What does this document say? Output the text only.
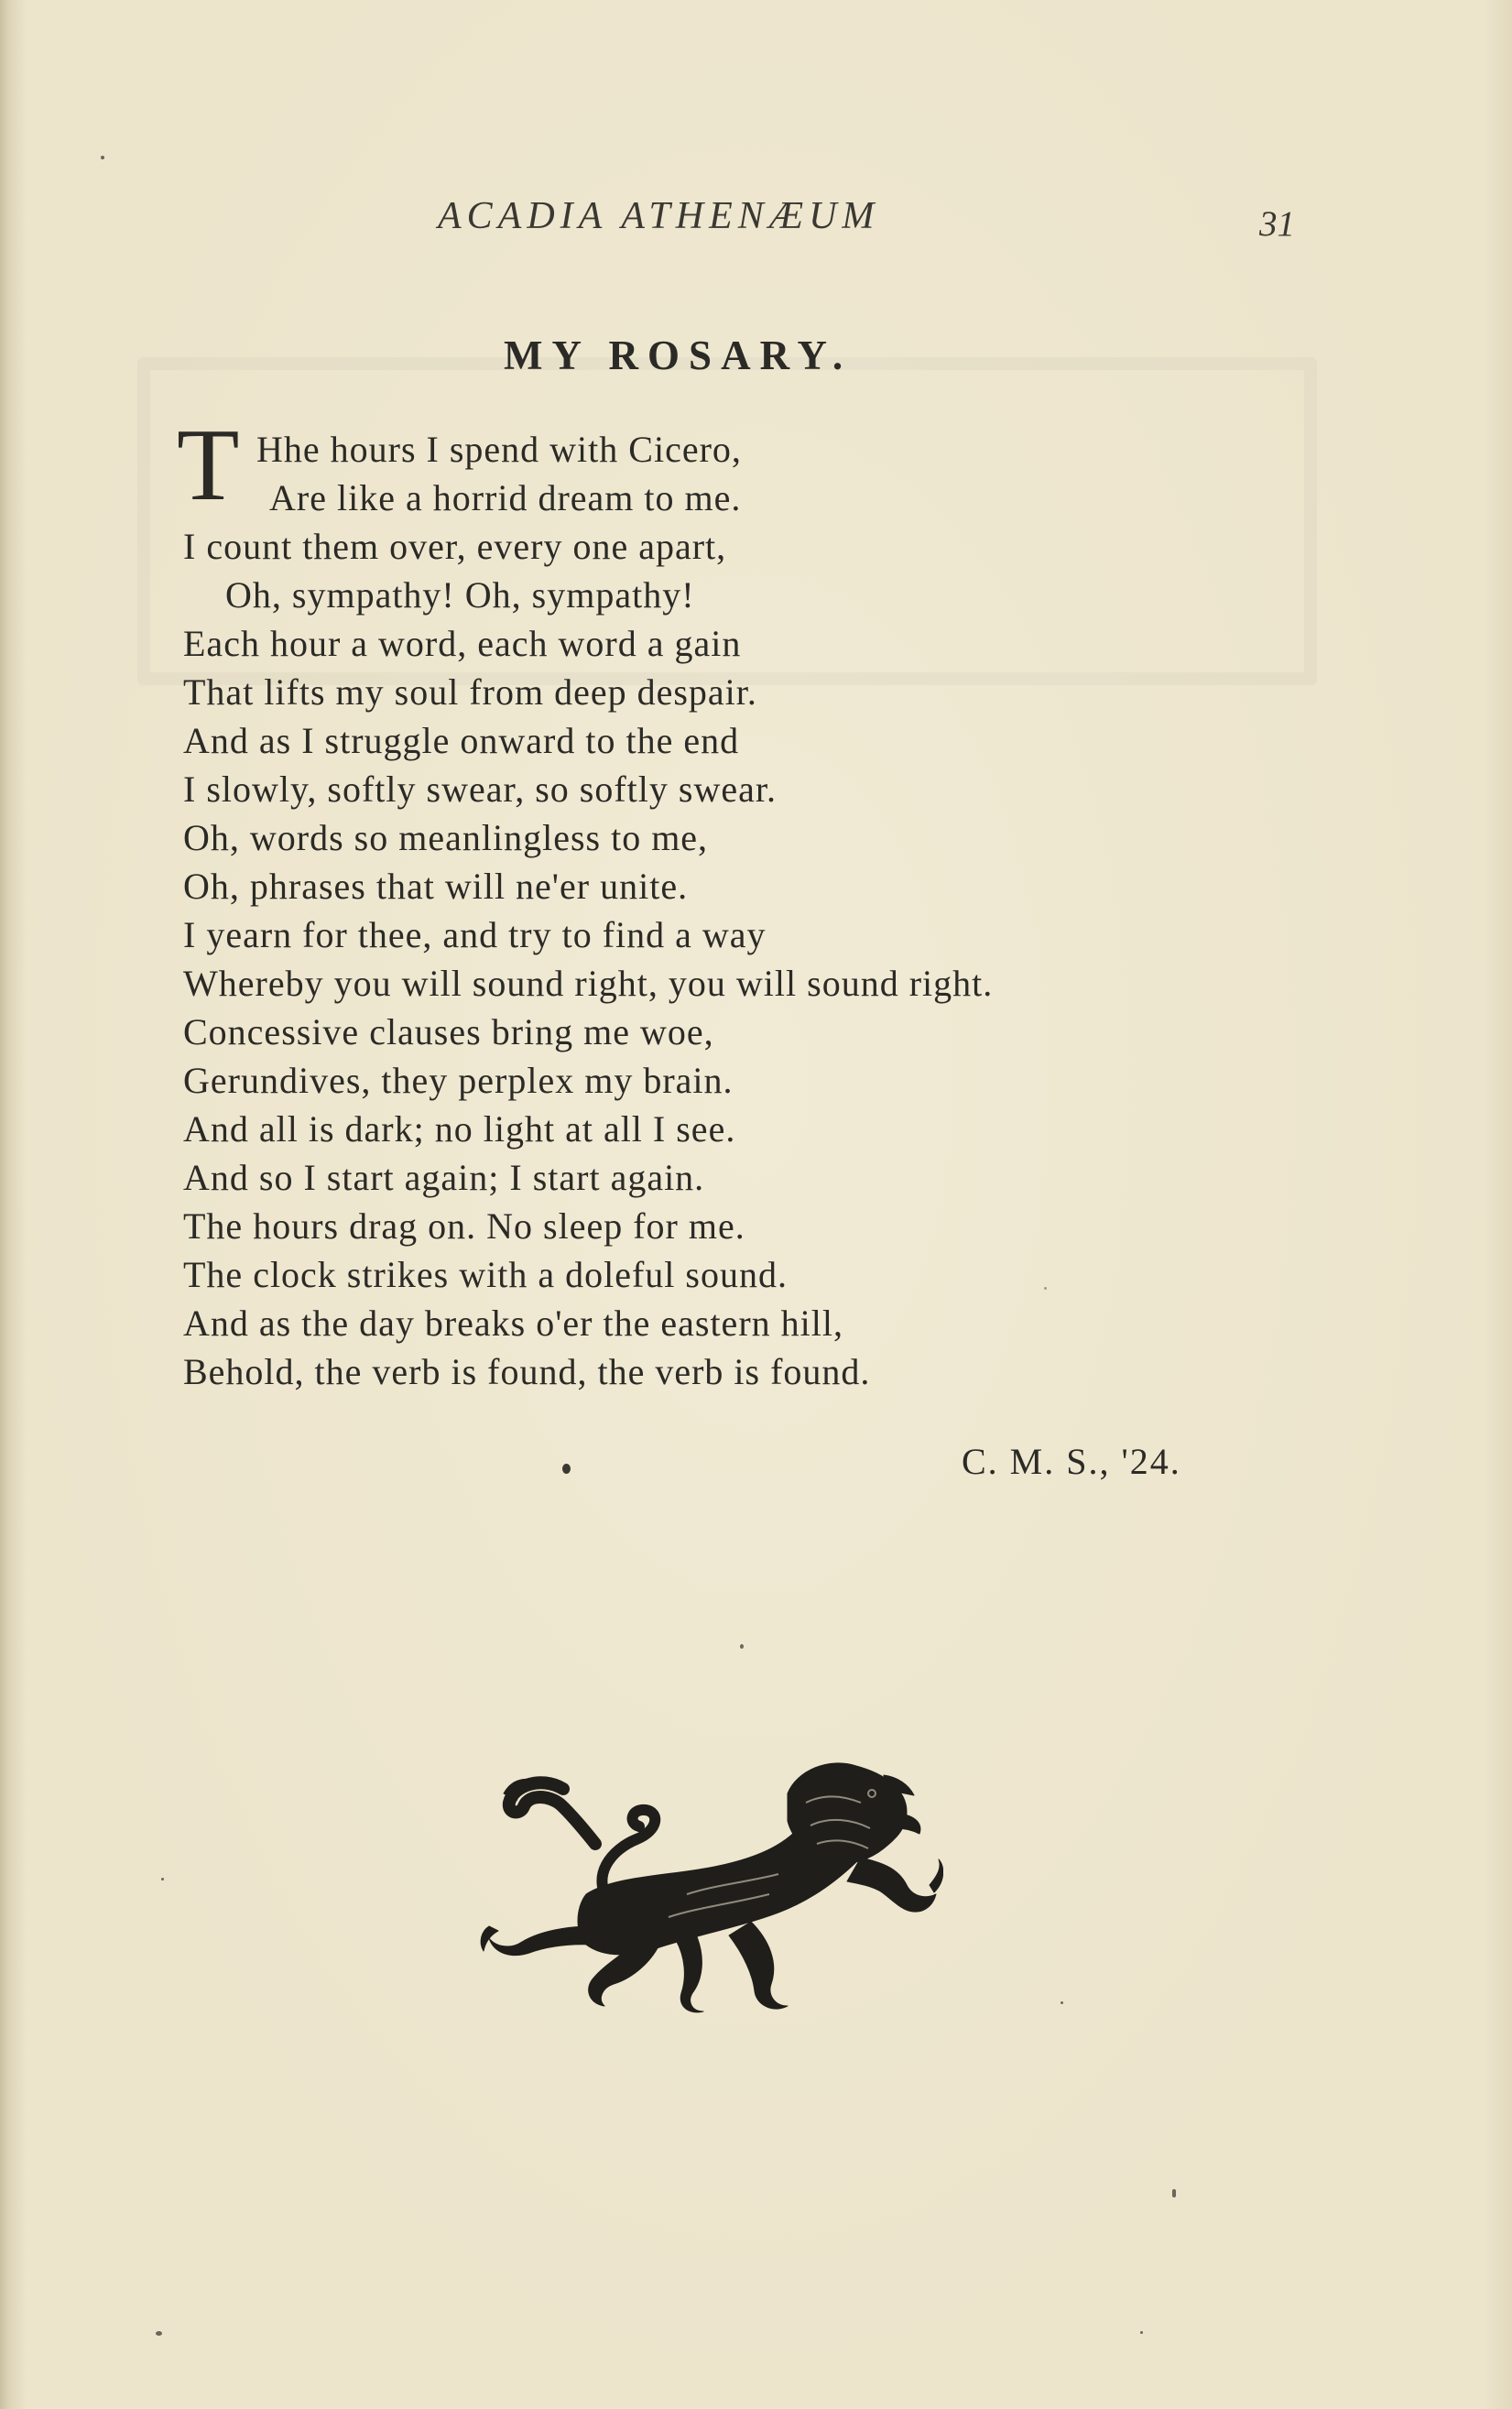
ACADIA ATHENÆUM	31
MY ROSARY.
T Hhe hours I spend with Cicero,
Are like a horrid dream to me.
I count them over, every one apart,
Oh, sympathy! Oh, sympathy!
Each hour a word, each word a gain
That lifts my soul from deep despair.
And as I struggle onward to the end
I slowly, softly swear, so softly swear.
Oh, words so meanlingless to me,
Oh, phrases that will ne'er unite.
I yearn for thee, and try to find a way
Whereby you will sound right, you will sound right.
Concessive clauses bring me woe,
Gerundives, they perplex my brain.
And all is dark; no light at all I see.
And so I start again; I start again.
The hours drag on. No sleep for me.
The clock strikes with a doleful sound.
And as the day breaks o'er the eastern hill,
Behold, the verb is found, the verb is found.
C. M. S., '24.
